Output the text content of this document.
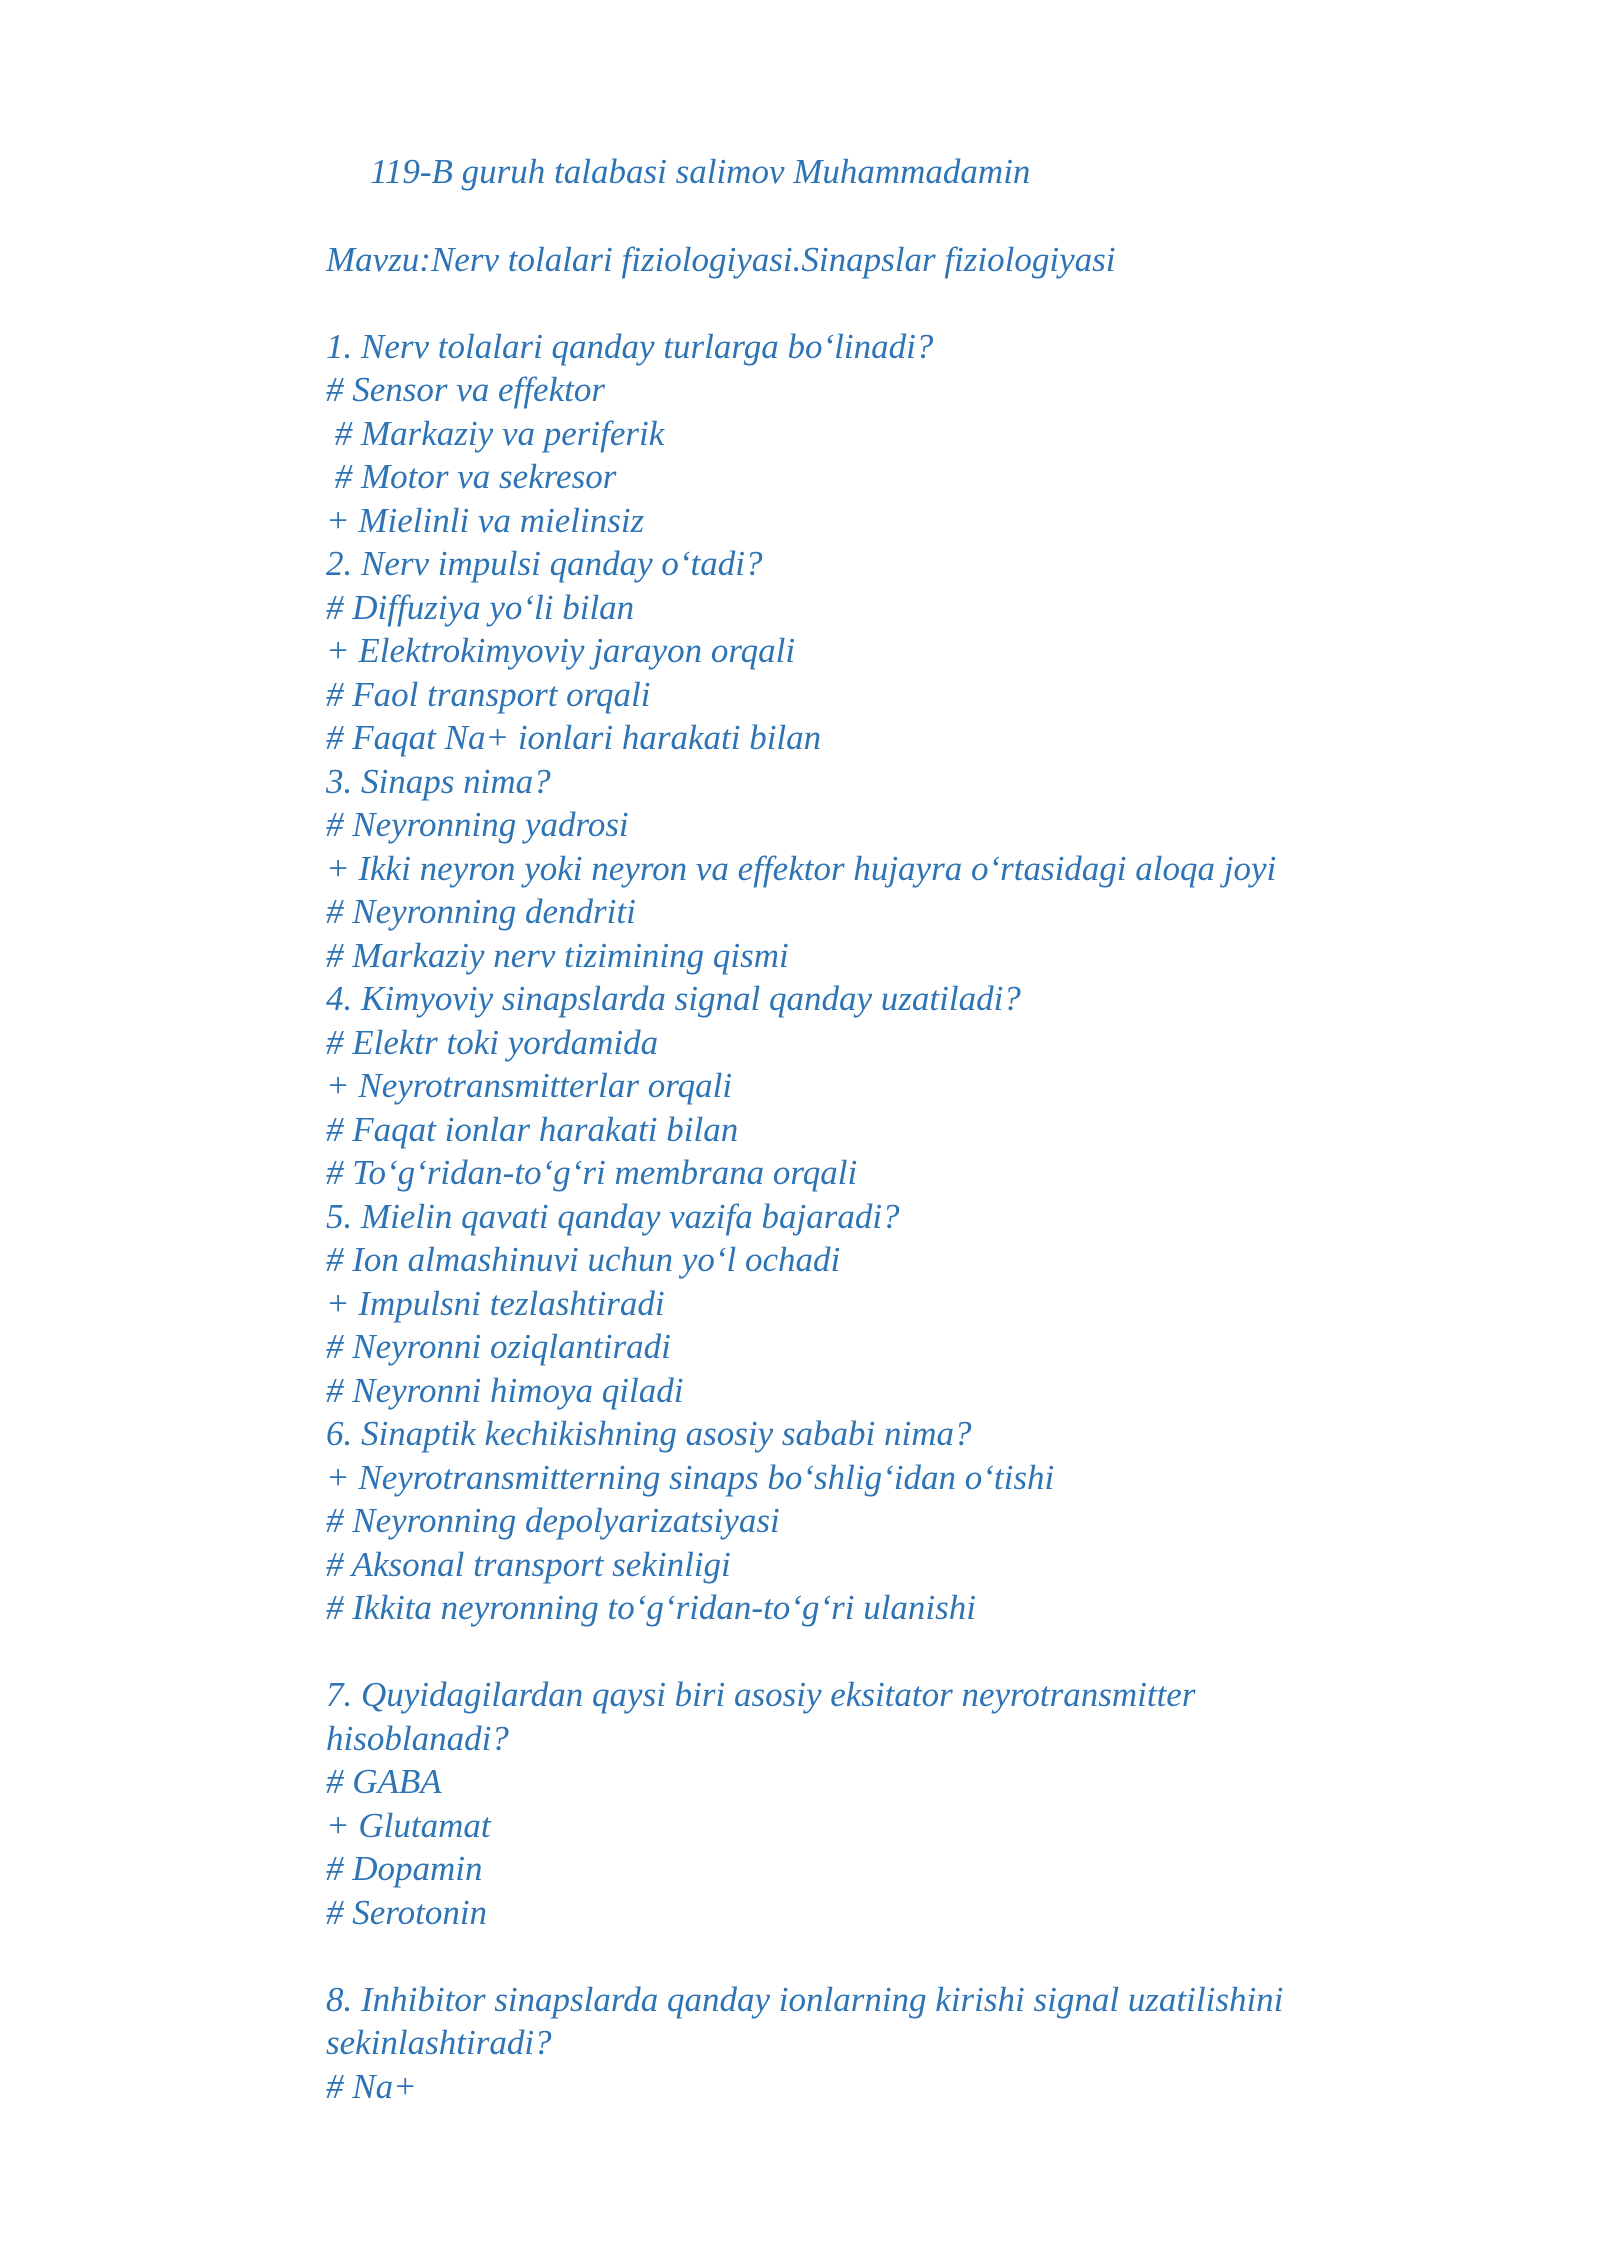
119-B guruh talabasi salimov Muhammadamin

Mavzu:Nerv tolalari fiziologiyasi.Sinapslar fiziologiyasi

1. Nerv tolalari qanday turlarga bo‘linadi?

# Sensor va effektor

# Markaziy va periferik

# Motor va sekresor

+ Mielinli va mielinsiz

2. Nerv impulsi qanday o‘tadi?

# Diffuziya yo‘li bilan

+ Elektrokimyoviy jarayon orqali

# Faol transport orqali

# Faqat Na+ ionlari harakati bilan

3. Sinaps nima?

# Neyronning yadrosi

+ Ikki neyron yoki neyron va effektor hujayra o‘rtasidagi aloqa joyi

# Neyronning dendriti

# Markaziy nerv tizimining qismi

4. Kimyoviy sinapslarda signal qanday uzatiladi?

# Elektr toki yordamida

+ Neyrotransmitterlar orqali

# Faqat ionlar harakati bilan

# To‘g‘ridan-to‘g‘ri membrana orqali

5. Mielin qavati qanday vazifa bajaradi?

# Ion almashinuvi uchun yo‘l ochadi

+ Impulsni tezlashtiradi

# Neyronni oziqlantiradi

# Neyronni himoya qiladi

6. Sinaptik kechikishning asosiy sababi nima?

+ Neyrotransmitterning sinaps bo‘shlig‘idan o‘tishi

# Neyronning depolyarizatsiyasi

# Aksonal transport sekinligi

# Ikkita neyronning to‘g‘ridan-to‘g‘ri ulanishi

7. Quyidagilardan qaysi biri asosiy eksitator neyrotransmitter

hisoblanadi?

# GABA

+ Glutamat

# Dopamin

# Serotonin

8. Inhibitor sinapslarda qanday ionlarning kirishi signal uzatilishini

sekinlashtiradi?

# Na+
